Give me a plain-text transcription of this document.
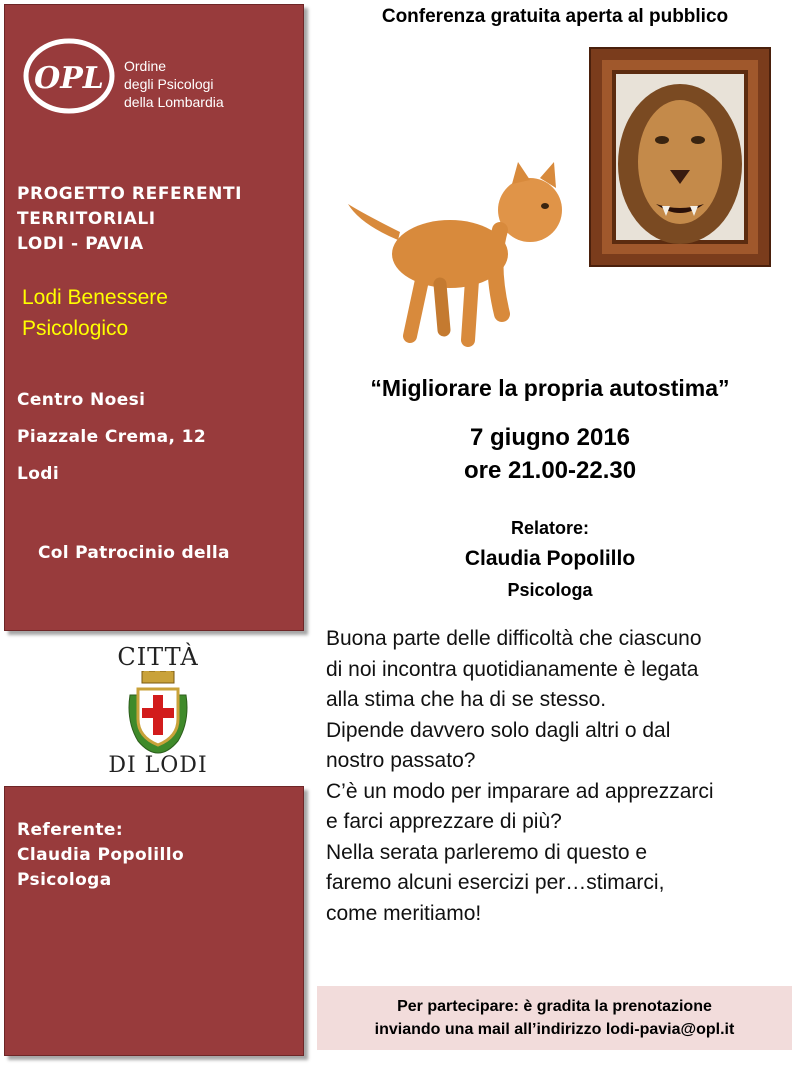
OPL Ordine
degli Psicologi
della Lombardia
PROGETTO REFERENTI
TERRITORIALI
LODI - PAVIA
Lodi Benessere
Psicologico
Centro Noesi
Piazzale Crema, 12
Lodi
Col Patrocinio della
CITTÀ
DI LODI
Referente:
Claudia Popolillo
Psicologa
Conferenza gratuita aperta al pubblico
“Migliorare la propria autostima”
7 giugno 2016
ore 21.00-22.30
Relatore:
Claudia Popolillo
Psicologa
Buona parte delle difficoltà che ciascuno
di noi incontra quotidianamente è legata
alla stima che ha di se stesso.
Dipende davvero solo dagli altri o dal
nostro passato?
C’è un modo per imparare ad apprezzarci
e farci apprezzare di più?
Nella serata parleremo di questo e
faremo alcuni esercizi per…stimarci,
come meritiamo!
Per partecipare: è gradita la prenotazione
inviando una mail all’indirizzo lodi-pavia@opl.it
